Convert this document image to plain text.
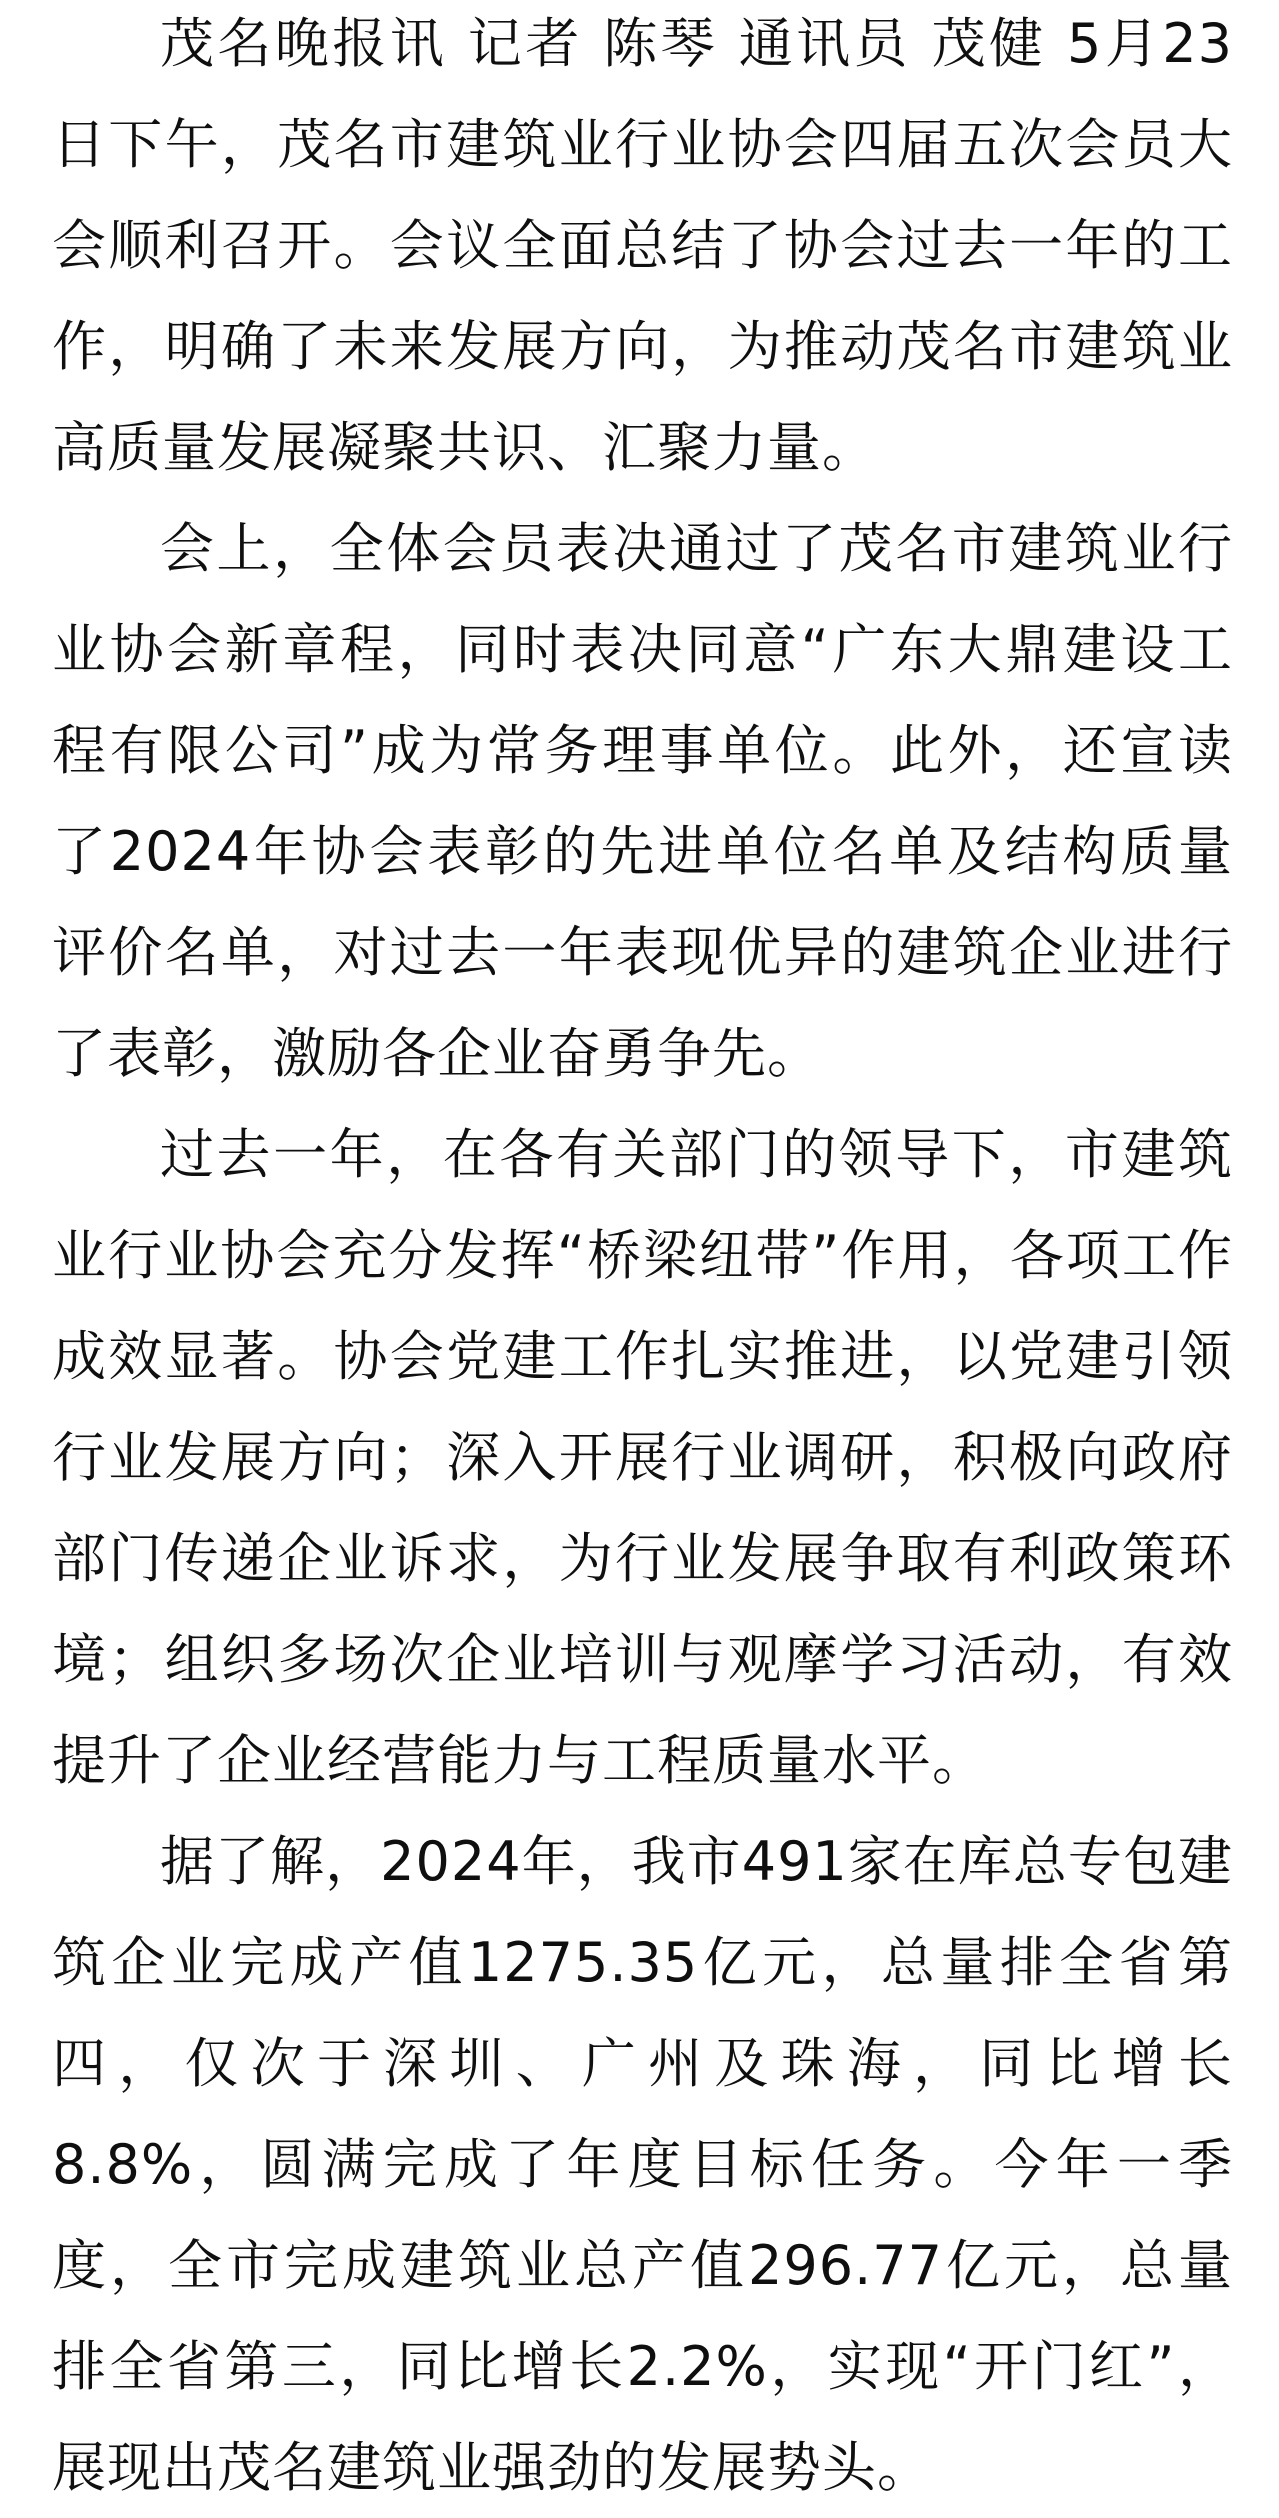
茂名晚报讯 记者 陈琴 通讯员 茂健 5月23日下午，茂名市建筑业行业协会四届五次会员大会顺利召开。会议全面总结了协会过去一年的工作，明确了未来发展方向，为推动茂名市建筑业高质量发展凝聚共识、汇聚力量。

会上，全体会员表决通过了茂名市建筑业行业协会新章程，同时表决同意“广东大鼎建设工程有限公司”成为常务理事单位。此外，还宣读了2024年协会表彰的先进单位名单及结构质量评价名单，对过去一年表现优异的建筑企业进行了表彰，激励各企业奋勇争先。

过去一年，在各有关部门的领导下，市建筑业行业协会充分发挥“桥梁纽带”作用，各项工作成效显著。协会党建工作扎实推进，以党建引领行业发展方向；深入开展行业调研，积极向政府部门传递企业诉求，为行业发展争取有利政策环境；组织多场次企业培训与观摩学习活动，有效提升了企业经营能力与工程质量水平。

据了解，2024年，我市491家在库总专包建筑企业完成产值1275.35亿元，总量排全省第四，仅次于深圳、广州及珠海，同比增长8.8%，圆满完成了年度目标任务。今年一季度，全市完成建筑业总产值296.77亿元，总量排全省第三，同比增长2.2%，实现“开门红”，展现出茂名建筑业强劲的发展势头。
